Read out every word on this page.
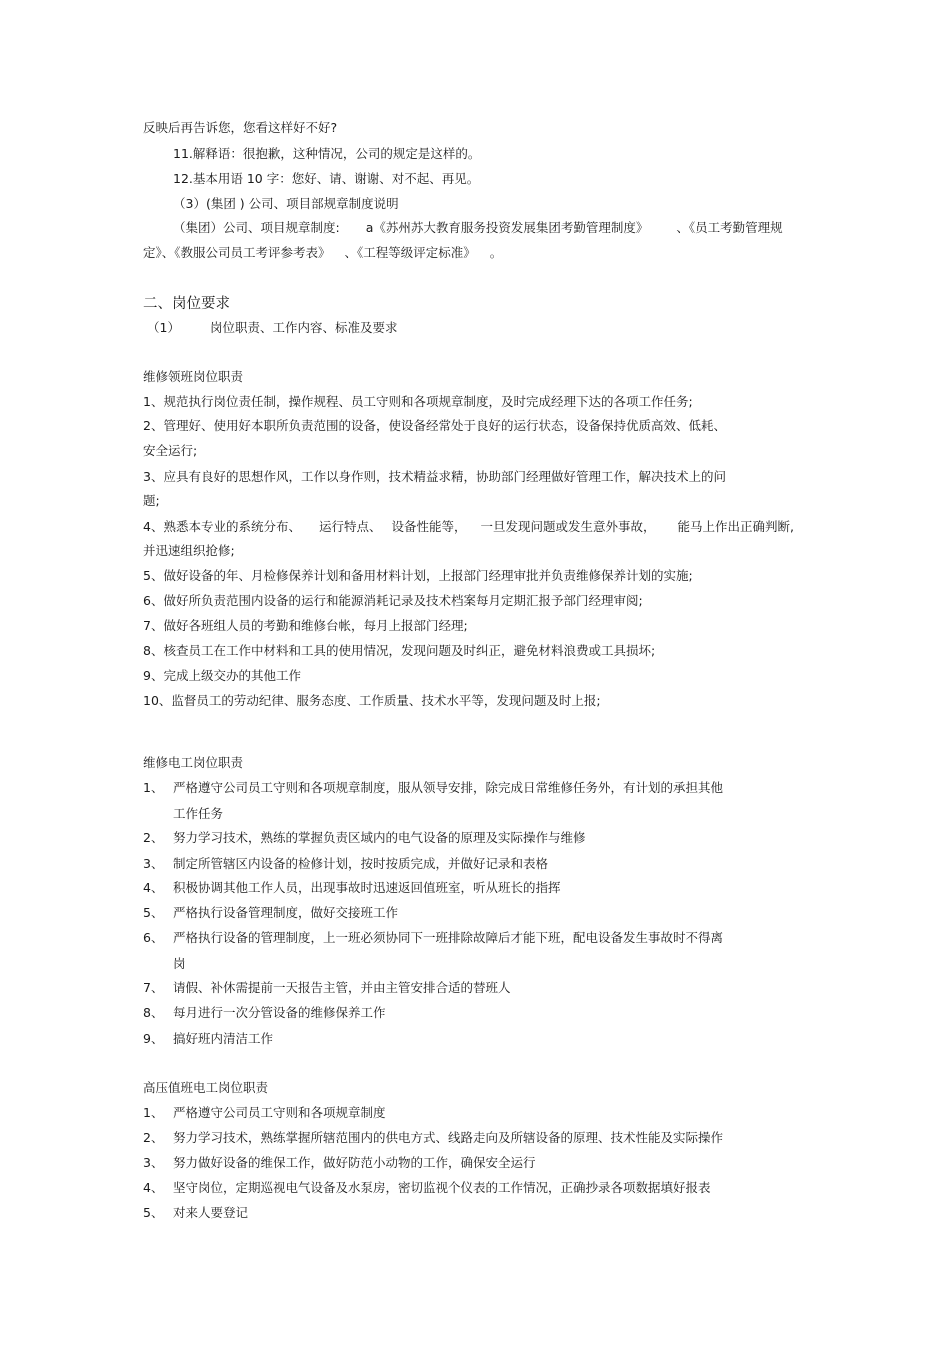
反映后再告诉您，您看这样好不好?
11.解释语：很抱歉，这种情况，公司的规定是这样的。
12.基本用语 10 字：您好、请、谢谢、对不起、再见。
（3）(集团 ) 公司、项目部规章制度说明
（集团）公司、项目规章制度: a《苏州苏大教育服务投资发展集团考勤管理制度》 、《员工考勤管理规
定》、《教服公司员工考评参考表》 、《工程等级评定标准》 。
二、岗位要求
（1） 岗位职责、工作内容、标准及要求
维修领班岗位职责
1、规范执行岗位责任制，操作规程、员工守则和各项规章制度，及时完成经理下达的各项工作任务;
2、管理好、使用好本职所负责范围的设备，使设备经常处于良好的运行状态，设备保持优质高效、低耗、
安全运行;
3、应具有良好的思想作风，工作以身作则，技术精益求精，协助部门经理做好管理工作，解决技术上的问
题;
4、熟悉本专业的系统分布、 运行特点、 设备性能等， 一旦发现问题或发生意外事故， 能马上作出正确判断,
并迅速组织抢修;
5、做好设备的年、月检修保养计划和备用材料计划，上报部门经理审批并负责维修保养计划的实施;
6、做好所负责范围内设备的运行和能源消耗记录及技术档案每月定期汇报予部门经理审阅;
7、做好各班组人员的考勤和维修台帐，每月上报部门经理;
8、核查员工在工作中材料和工具的使用情况，发现问题及时纠正，避免材料浪费或工具损坏;
9、完成上级交办的其他工作
10、监督员工的劳动纪律、服务态度、工作质量、技术水平等，发现问题及时上报;
维修电工岗位职责
1、 严格遵守公司员工守则和各项规章制度，服从领导安排，除完成日常维修任务外，有计划的承担其他
工作任务
2、 努力学习技术，熟练的掌握负责区域内的电气设备的原理及实际操作与维修
3、 制定所管辖区内设备的检修计划，按时按质完成，并做好记录和表格
4、 积极协调其他工作人员，出现事故时迅速返回值班室，听从班长的指挥
5、 严格执行设备管理制度，做好交接班工作
6、 严格执行设备的管理制度，上一班必须协同下一班排除故障后才能下班，配电设备发生事故时不得离
岗
7、 请假、补休需提前一天报告主管，并由主管安排合适的替班人
8、 每月进行一次分管设备的维修保养工作
9、 搞好班内清洁工作
高压值班电工岗位职责
1、 严格遵守公司员工守则和各项规章制度
2、 努力学习技术，熟练掌握所辖范围内的供电方式、线路走向及所辖设备的原理、技术性能及实际操作
3、 努力做好设备的维保工作，做好防范小动物的工作，确保安全运行
4、 坚守岗位，定期巡视电气设备及水泵房，密切监视个仪表的工作情况，正确抄录各项数据填好报表
5、 对来人要登记
